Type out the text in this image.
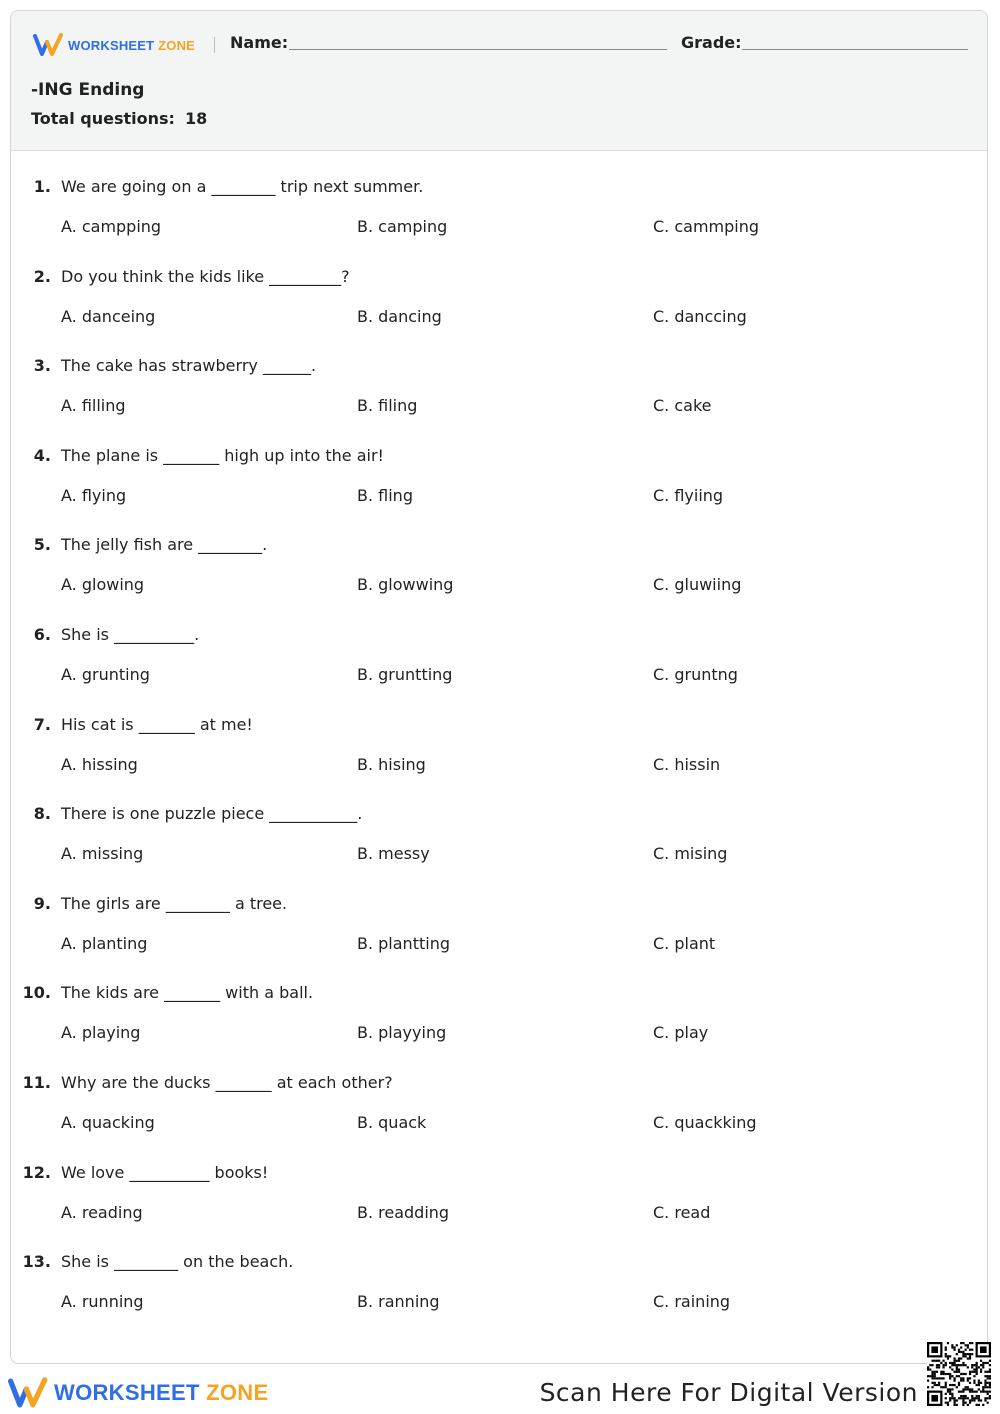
WORKSHEET ZONE Name:	Grade:
-ING Ending
Total questions: 18
1. We are going on a ________ trip next summer.
A. campping	B. camping	C. cammping
2. Do you think the kids like _________?
A. danceing	B. dancing	C. danccing
3. The cake has strawberry ______.
A. filling	B. filing	C. cake
4. The plane is _______ high up into the air!
A. flying	B. fling	C. flyiing
5. The jelly fish are ________.
A. glowing	B. glowwing	C. gluwiing
6. She is __________.
A. grunting	B. gruntting	C. gruntng
7. His cat is _______ at me!
A. hissing	B. hising	C. hissin
8. There is one puzzle piece ___________.
A. missing	B. messy	C. mising
9. The girls are ________ a tree.
A. planting	B. plantting	C. plant
10. The kids are _______ with a ball.
A. playing	B. playying	C. play
11. Why are the ducks _______ at each other?
A. quacking	B. quack	C. quackking
12. We love __________ books!
A. reading	B. readding	C. read
13. She is ________ on the beach.
A. running	B. ranning	C. raining
WORKSHEET ZONE	Scan Here For Digital Version
